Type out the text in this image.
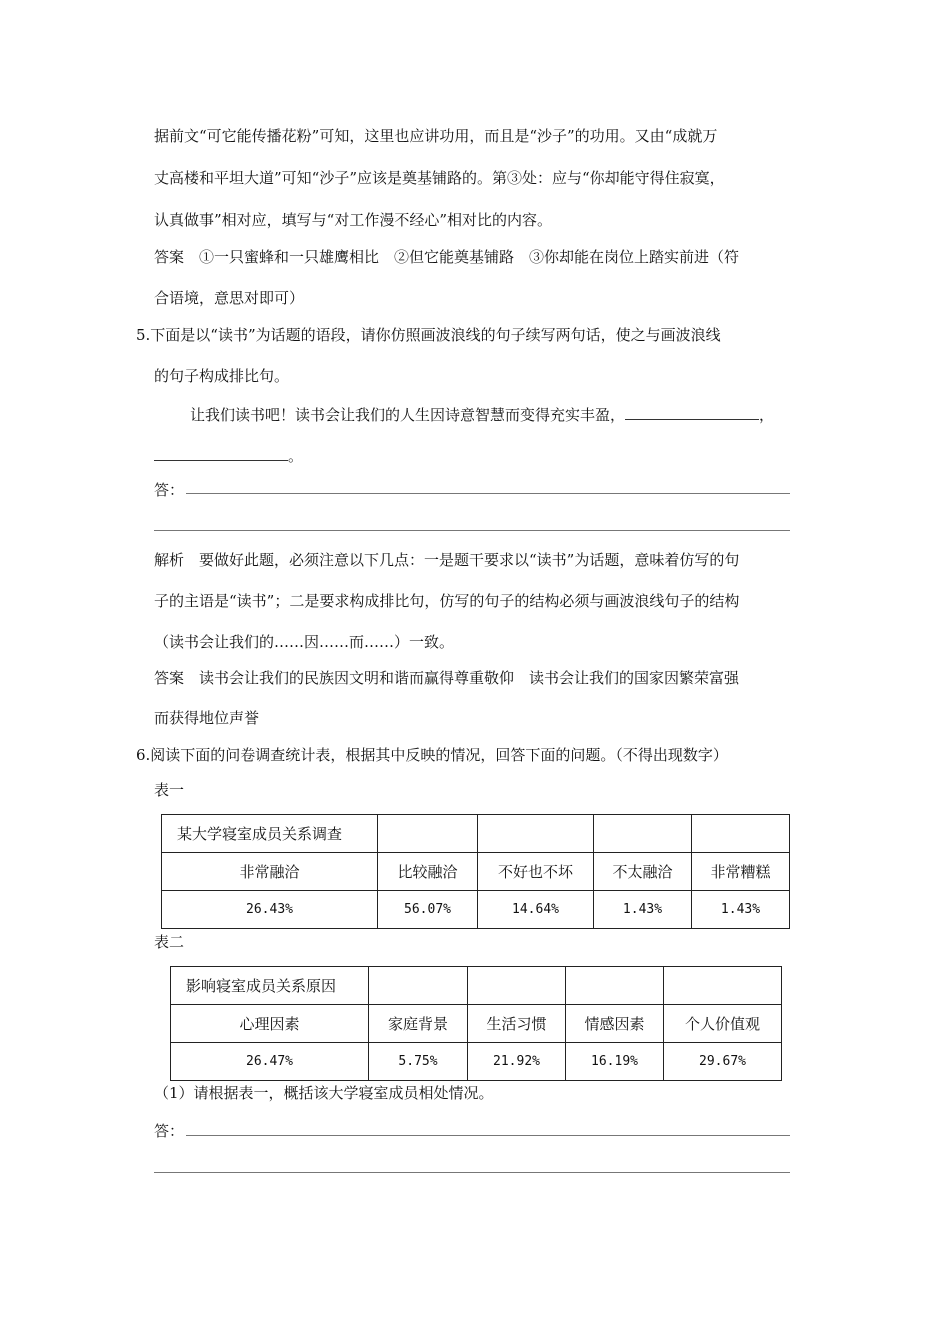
据前文“可它能传播花粉”可知，这里也应讲功用，而且是“沙子”的功用。又由“成就万
丈高楼和平坦大道”可知“沙子”应该是奠基铺路的。第③处：应与“你却能守得住寂寞，
认真做事”相对应，填写与“对工作漫不经心”相对比的内容。
答案　①一只蜜蜂和一只雄鹰相比　②但它能奠基铺路　③你却能在岗位上踏实前进（符
合语境，意思对即可）
5.下面是以“读书”为话题的语段，请你仿照画波浪线的句子续写两句话，使之与画波浪线
的句子构成排比句。
让我们读书吧！读书会让我们的人生因诗意智慧而变得充实丰盈，	，
。
答：
解析　要做好此题，必须注意以下几点：一是题干要求以“读书”为话题，意味着仿写的句
子的主语是“读书”；二是要求构成排比句，仿写的句子的结构必须与画波浪线句子的结构
（读书会让我们的……因……而……）一致。
答案　读书会让我们的民族因文明和谐而赢得尊重敬仰　读书会让我们的国家因繁荣富强
而获得地位声誉
6.阅读下面的问卷调查统计表，根据其中反映的情况，回答下面的问题。（不得出现数字）
表一
某大学寝室成员关系调查				
非常融洽	比较融洽	不好也不坏	不太融洽	非常糟糕
26.43%	56.07%	14.64%	1.43%	1.43%
表二
影响寝室成员关系原因				
心理因素	家庭背景	生活习惯	情感因素	个人价值观
26.47%	5.75%	21.92%	16.19%	29.67%
（1）请根据表一，概括该大学寝室成员相处情况。
答：
